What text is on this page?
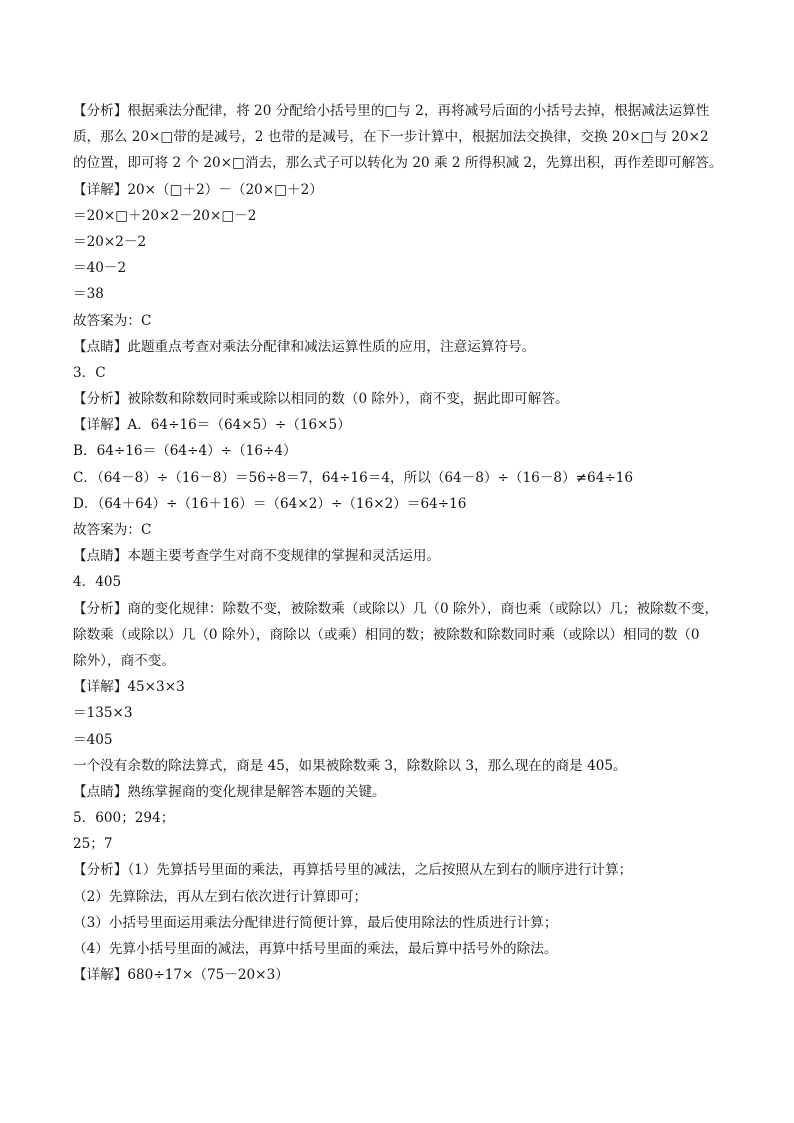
【分析】根据乘法分配律，将 20 分配给小括号里的□与 2，再将减号后面的小括号去掉，根据减法运算性
质，那么 20×□带的是减号，2 也带的是减号，在下一步计算中，根据加法交换律，交换 20×□与 20×2
的位置，即可将 2 个 20×□消去，那么式子可以转化为 20 乘 2 所得积减 2，先算出积，再作差即可解答。
【详解】20×（□＋2）－（20×□＋2）
＝20×□＋20×2－20×□－2
＝20×2－2
＝40－2
＝38
故答案为：C
【点睛】此题重点考查对乘法分配律和减法运算性质的应用，注意运算符号。
3．C
【分析】被除数和除数同时乘或除以相同的数（0 除外），商不变，据此即可解答。
【详解】A．64÷16＝（64×5）÷（16×5）
B．64÷16＝（64÷4）÷（16÷4）
C．（64－8）÷（16－8）＝56÷8＝7，64÷16＝4，所以（64－8）÷（16－8）≠64÷16
D．（64＋64）÷（16＋16）＝（64×2）÷（16×2）＝64÷16
故答案为：C
【点睛】本题主要考查学生对商不变规律的掌握和灵活运用。
4．405
【分析】商的变化规律：除数不变，被除数乘（或除以）几（0 除外），商也乘（或除以）几；被除数不变，
除数乘（或除以）几（0 除外），商除以（或乘）相同的数；被除数和除数同时乘（或除以）相同的数（0
除外），商不变。
【详解】45×3×3
＝135×3
＝405
一个没有余数的除法算式，商是 45，如果被除数乘 3，除数除以 3，那么现在的商是 405。
【点睛】熟练掌握商的变化规律是解答本题的关键。
5．600；294；
25；7
【分析】（1）先算括号里面的乘法，再算括号里的减法，之后按照从左到右的顺序进行计算；
（2）先算除法，再从左到右依次进行计算即可；
（3）小括号里面运用乘法分配律进行简便计算，最后使用除法的性质进行计算；
（4）先算小括号里面的减法，再算中括号里面的乘法，最后算中括号外的除法。
【详解】680÷17×（75－20×3）
